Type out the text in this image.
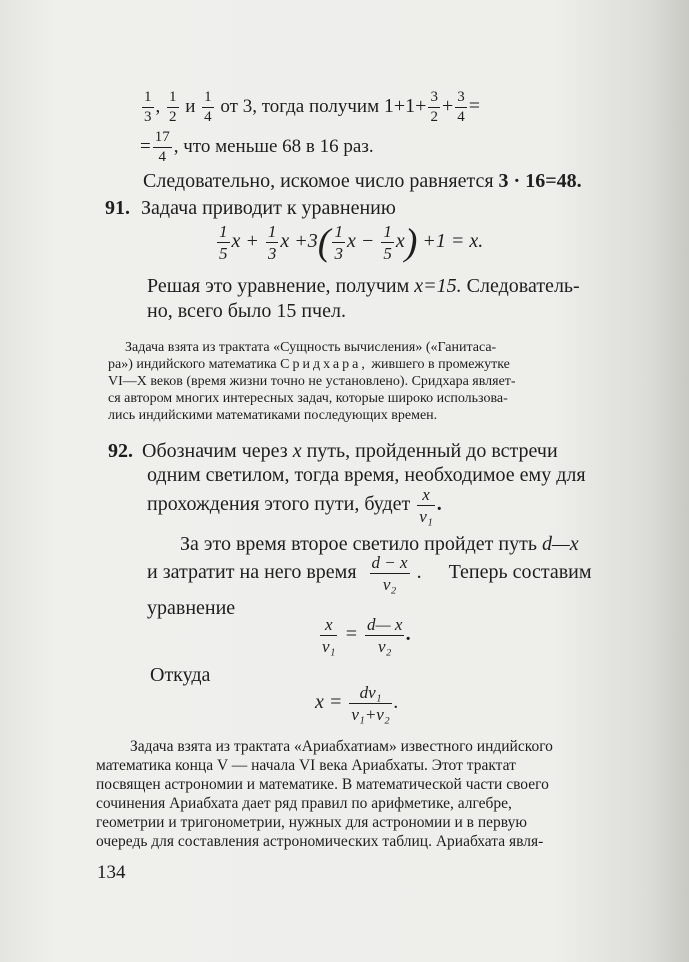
$\frac{1}{3}$ , $\frac{1}{2}$ и $\frac{1}{4}$ от 3, тогда получим $1+1+ \frac{3}{2} + \frac{3}{4}$ =
= $\frac{17}{4}$ , что меньше 68 в 16 раз.
Следовательно, искомое число равняется 3 · 16=48.
91. Задача приводит к уравнению
$\frac{1}{5}$ $x + \frac{1}{3}$ $x +3( \frac{1}{3}$ $x - \frac{1}{5} x) +1 = x$.
Решая это уравнение, получим x=15. Следователь-
но, всего было 15 пчел.
Задача взята из трактата «Сущность вычисления» («Ганитаса-
ра») индийского математика Сридхара, жившего в промежутке
VI—X веков (время жизни точно не установлено). Сридхара являет-
ся автором многих интересных задач, которые широко использова-
лись индийскими математиками последующих времен.
92. Обозначим через x путь, пройденный до встречи
одним светилом, тогда время, необходимое ему для
прохождения этого пути, будет $\frac{x}{\text{v₁}}$ .
За это время второе светило пройдет путь d—x
и затратит на него время $\frac{d - x}{\text{v₂}}$ . Теперь составим
уравнение
$\frac{x}{\text{v₁}} = \frac{d— x}{\text{v₂}}$ .
Откуда
$x = \frac{\text{dv₁}}{\text{v₁+v₂}}$ .
Задача взята из трактата «Ариабхатиам» известного индийского
математика конца V — начала VI века Ариабхаты. Этот трактат
посвящен астрономии и математике. В математической части своего
сочинения Ариабхата дает ряд правил по арифметике, алгебре,
геометрии и тригонометрии, нужных для астрономии и в первую
очередь для составления астрономических таблиц. Ариабхата явля-
134
